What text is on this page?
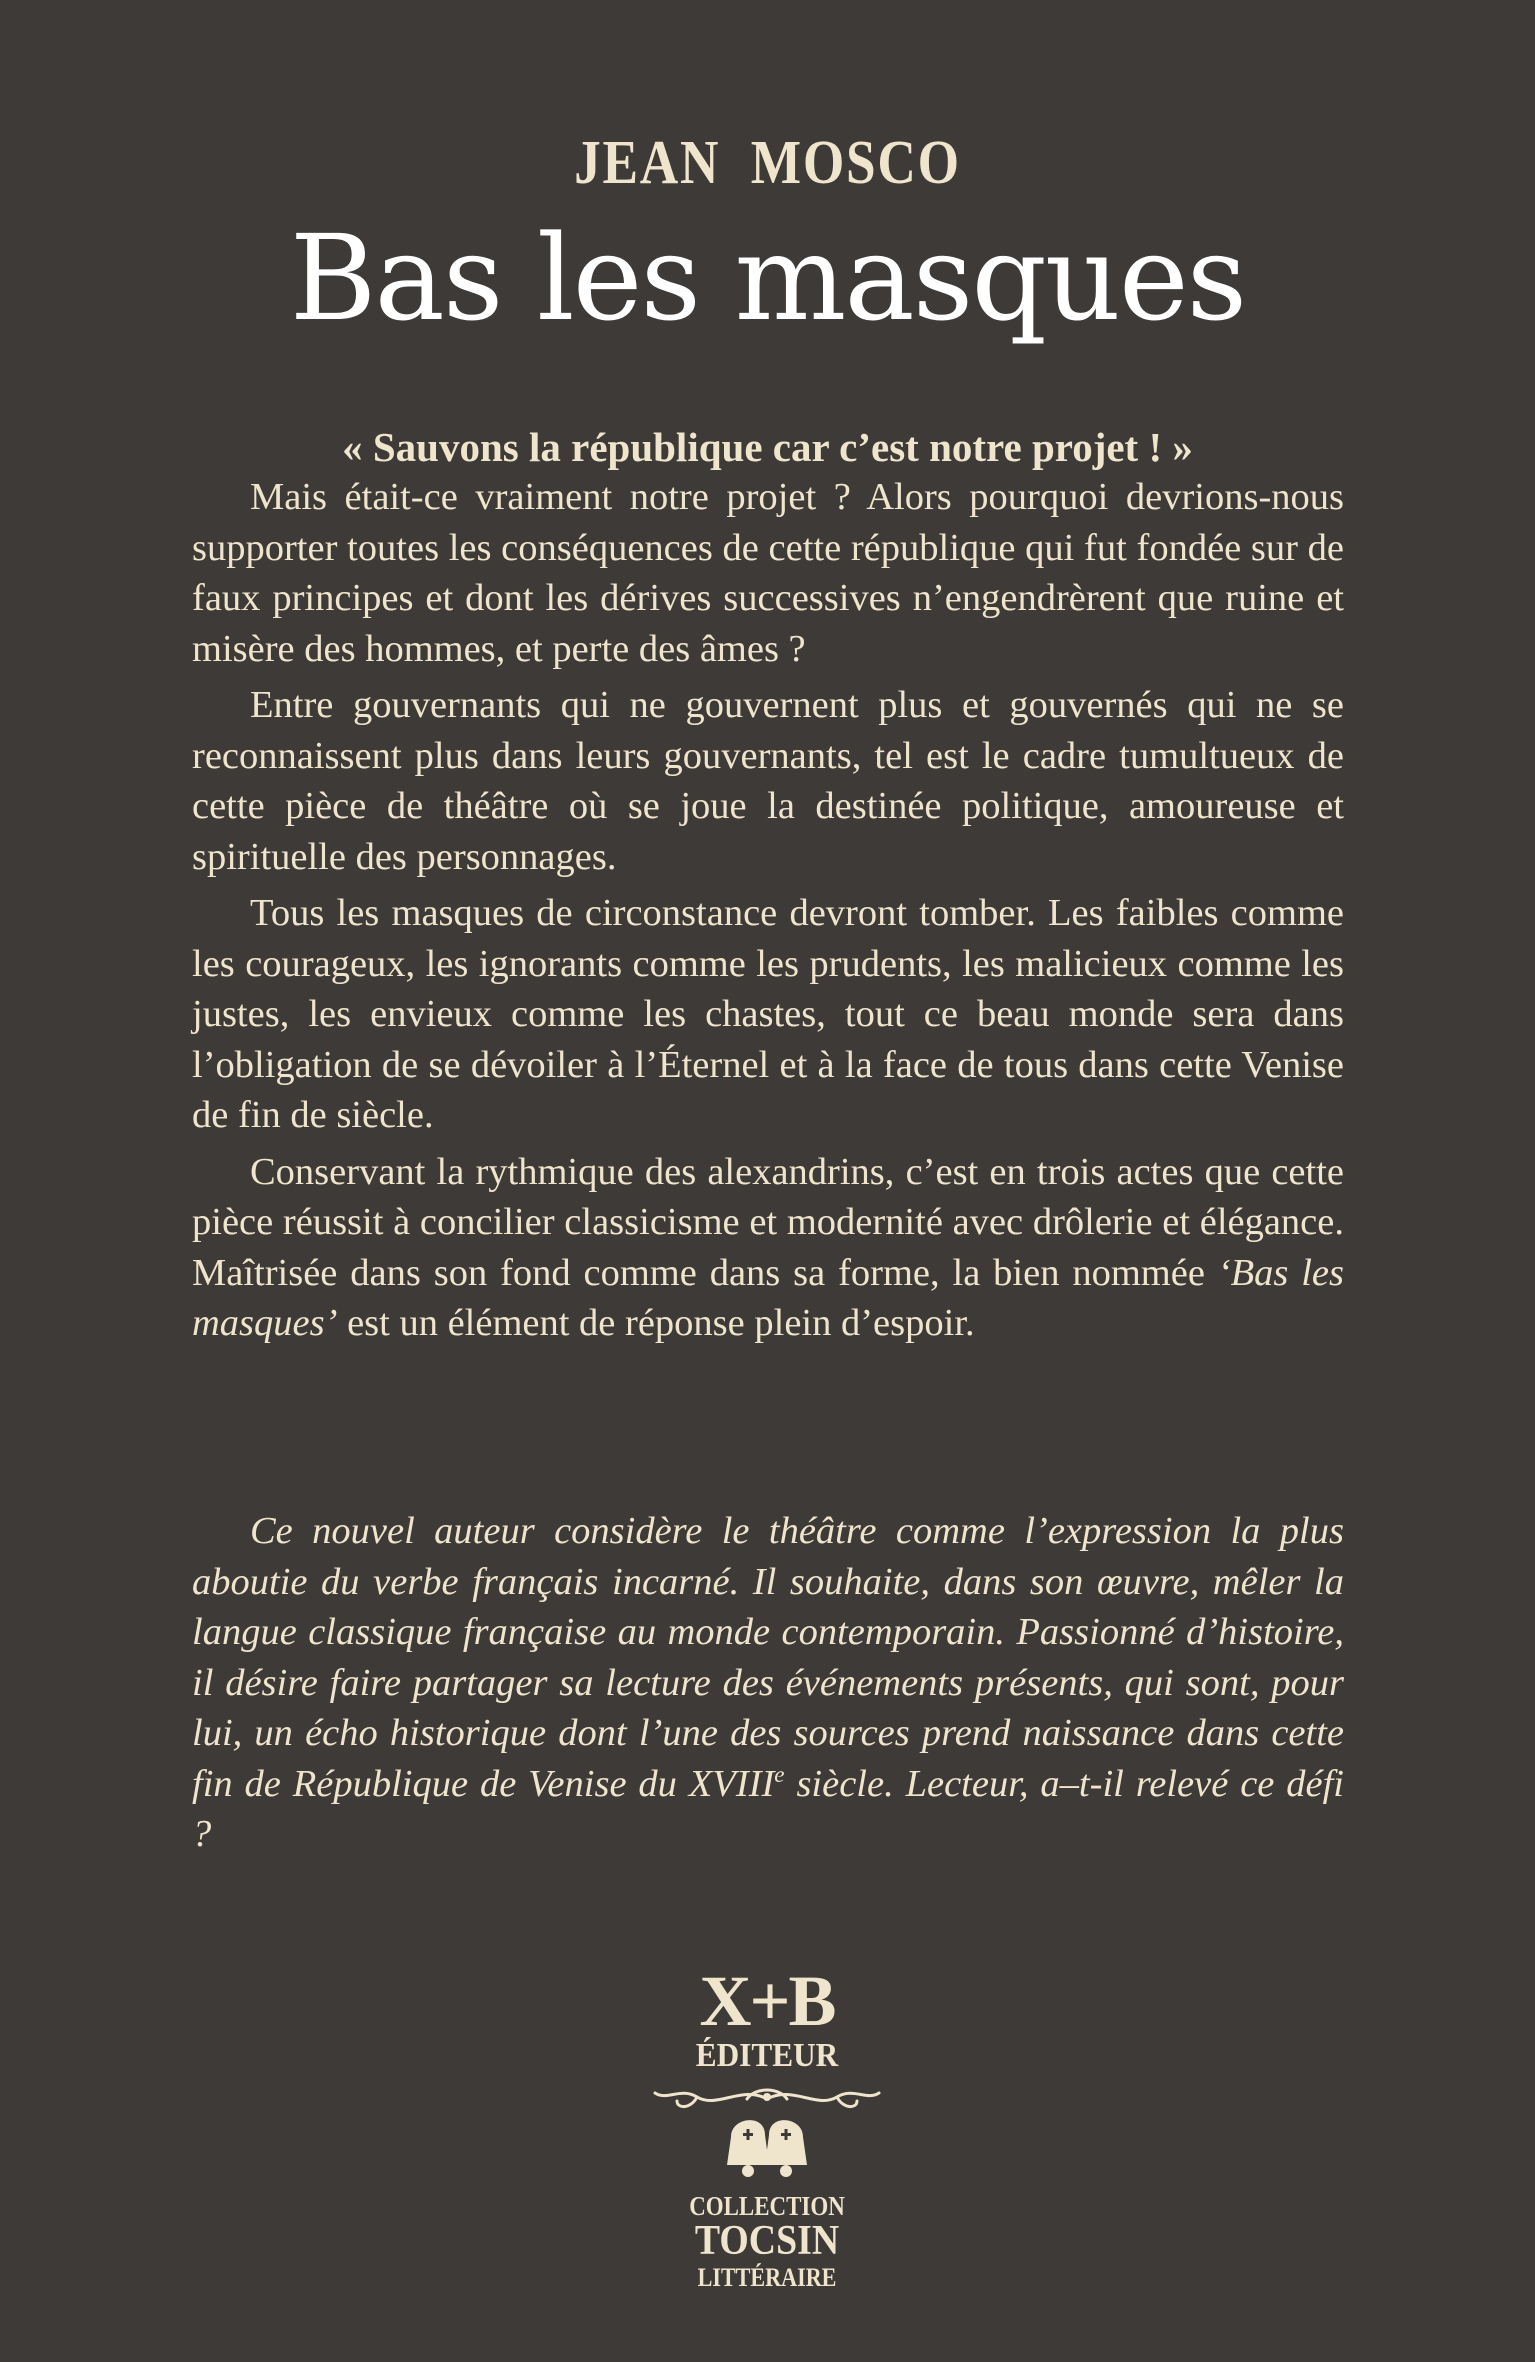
JEAN MOSCO
Bas les masques
« Sauvons la république car c’est notre projet ! »

Mais était-ce vraiment notre projet ? Alors pourquoi devrions-nous supporter toutes les conséquences de cette république qui fut fondée sur de faux principes et dont les dérives successives n’engendrèrent que ruine et misère des hommes, et perte des âmes ?

Entre gouvernants qui ne gouvernent plus et gouvernés qui ne se reconnaissent plus dans leurs gouvernants, tel est le cadre tumultueux de cette pièce de théâtre où se joue la destinée politique, amoureuse et spirituelle des personnages.

Tous les masques de circonstance devront tomber. Les faibles comme les courageux, les ignorants comme les prudents, les malicieux comme les justes, les envieux comme les chastes, tout ce beau monde sera dans l’obligation de se dévoiler à l’Éternel et à la face de tous dans cette Venise de fin de siècle.

Conservant la rythmique des alexandrins, c’est en trois actes que cette pièce réussit à concilier classicisme et modernité avec drôlerie et élégance. Maîtrisée dans son fond comme dans sa forme, la bien nommée ‘Bas les masques’ est un élément de réponse plein d’espoir.

Ce nouvel auteur considère le théâtre comme l’expression la plus aboutie du verbe français incarné. Il souhaite, dans son œuvre, mêler la langue classique française au monde contemporain. Passionné d’histoire, il désire faire partager sa lecture des événements présents, qui sont, pour lui, un écho historique dont l’une des sources prend naissance dans cette fin de République de Venise du XVIIIe siècle. Lecteur, a–t-il relevé ce défi ?

X+B
ÉDITEUR
COLLECTION
TOCSIN
LITTÉRAIRE
